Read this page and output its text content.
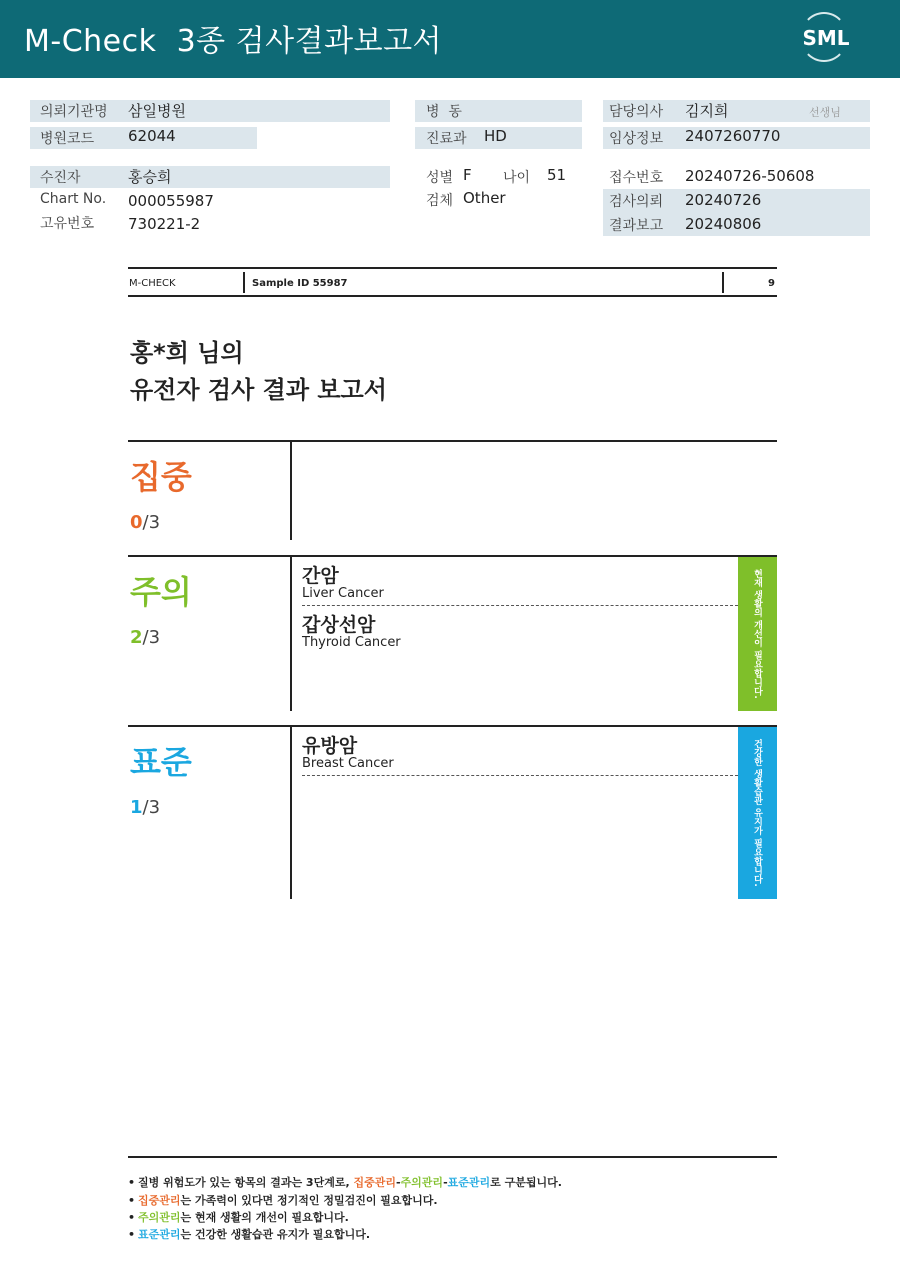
M-Check  3종 검사결과보고서	SML
의뢰기관명 삼일병원
병원코드 62044
수진자	홍승희
Chart No. 000055987
고유번호 730221-2
병  동
진료과 HD
성별 F 나이 51
검체 Other
담당의사 김지희	선생님
임상정보 2407260770
접수번호 20240726-50608
검사의뢰 20240726
결과보고 20240806
M-CHECK	Sample ID 55987	9
홍*희 님의
유전자 검사 결과 보고서
집중
0/3
주의
2/3
간암
Liver Cancer
갑상선암
Thyroid Cancer	현재 생활의 개선이 필요합니다.
표준
1/3
유방암
Breast Cancer	건강한 생활습관 유지가 필요합니다.
• 질병 위험도가 있는 항목의 결과는 3단계로, 집중관리-주의관리-표준관리로 구분됩니다.
• 집중관리는 가족력이 있다면 정기적인 정밀검진이 필요합니다.
• 주의관리는 현재 생활의 개선이 필요합니다.
• 표준관리는 건강한 생활습관 유지가 필요합니다.
